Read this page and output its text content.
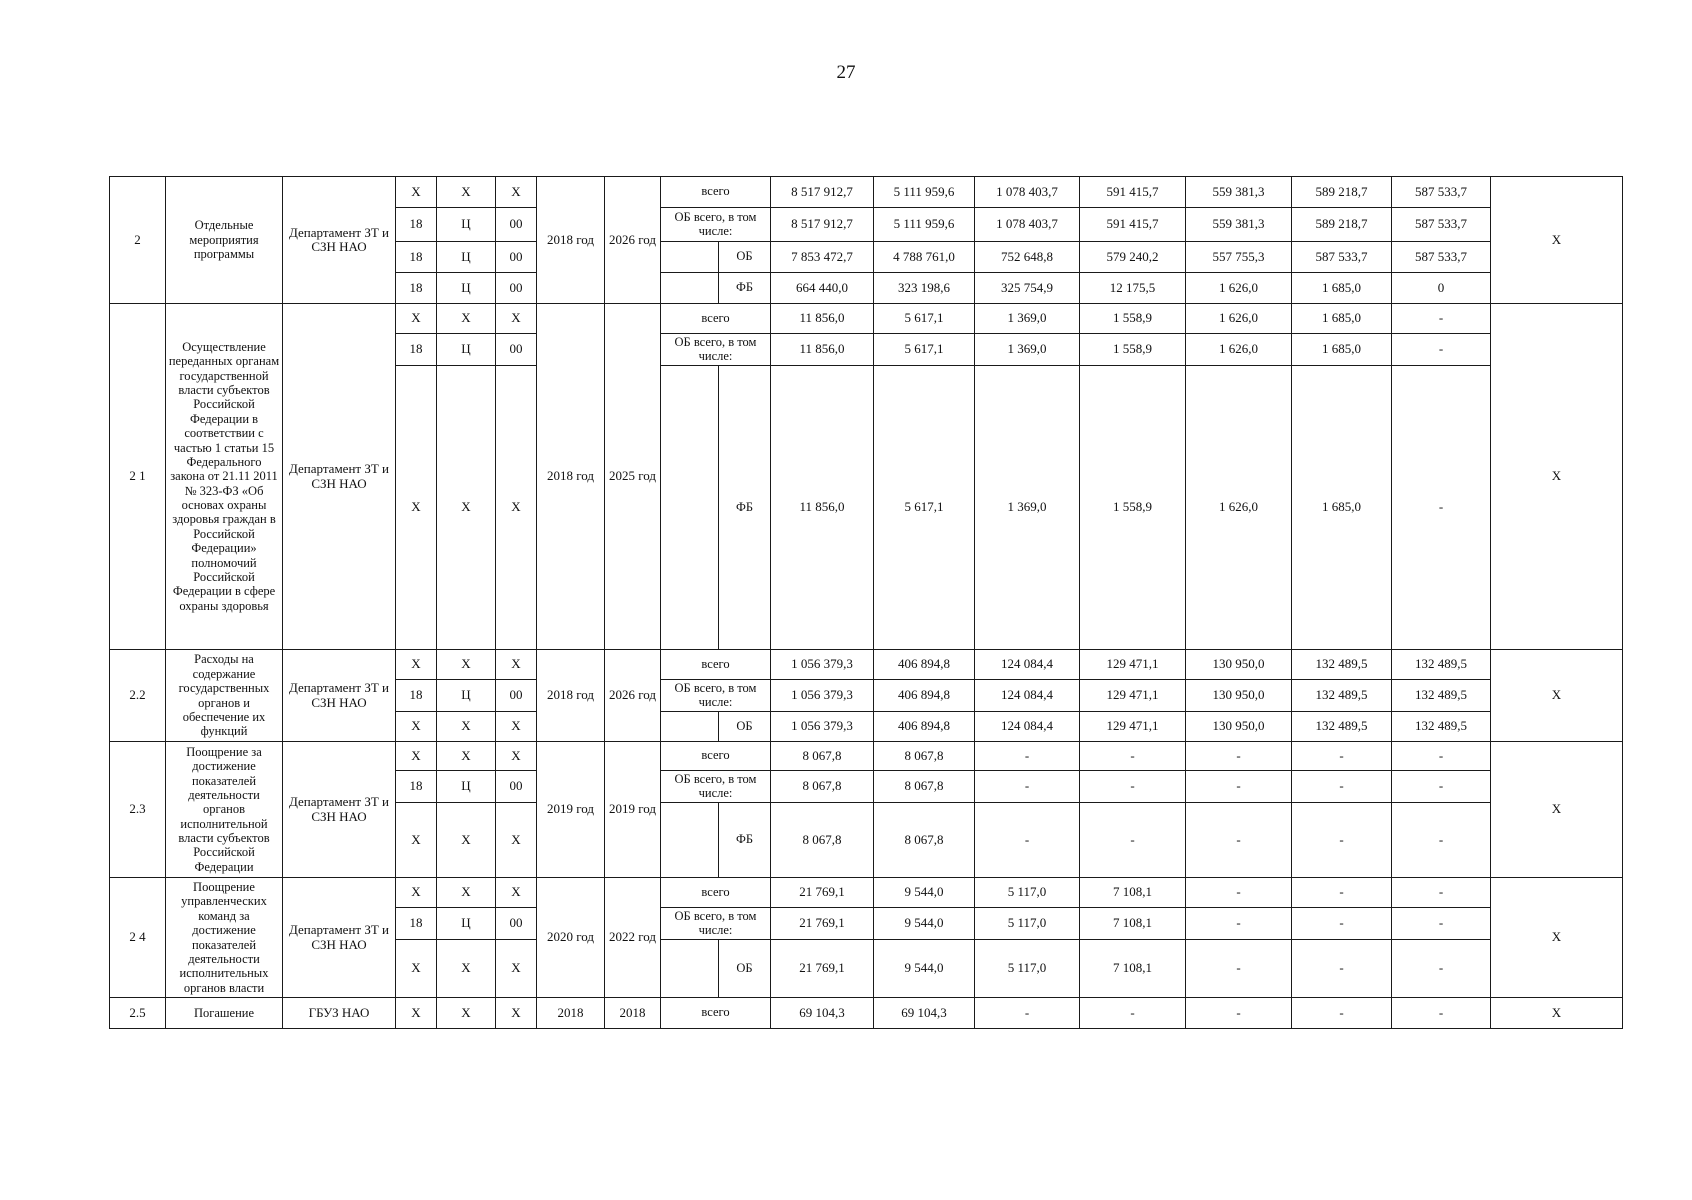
27
2	Отдельные мероприятия программы	Департамент ЗТ и СЗН НАО	Х	Х	Х	2018 год	2026 год	всего		8 517 912,7	5 111 959,6	1 078 403,7	591 415,7	559 381,3	589 218,7	587 533,7	Х
			18	Ц	00			ОБ всего, в том числе:		8 517 912,7	5 111 959,6	1 078 403,7	591 415,7	559 381,3	589 218,7	587 533,7	
			18	Ц	00				ОБ	7 853 472,7	4 788 761,0	752 648,8	579 240,2	557 755,3	587 533,7	587 533,7	
			18	Ц	00				ФБ	664 440,0	323 198,6	325 754,9	12 175,5	1 626,0	1 685,0	0	
2 1	Осуществление переданных органам государственной власти субъектов Российской Федерации в соответствии с частью 1 статьи 15 Федерального закона от 21.11 2011 № 323-ФЗ «Об основах охраны здоровья граждан в Российской Федерации» полномочий Российской Федерации в сфере охраны здоровья	Департамент ЗТ и СЗН НАО	Х	Х	Х	2018 год	2025 год	всего		11 856,0	5 617,1	1 369,0	1 558,9	1 626,0	1 685,0	-	Х
			18	Ц	00			ОБ всего, в том числе:		11 856,0	5 617,1	1 369,0	1 558,9	1 626,0	1 685,0	-	
			Х	Х	Х				ФБ	11 856,0	5 617,1	1 369,0	1 558,9	1 626,0	1 685,0	-	
2.2	Расходы на содержание государственных органов и обеспечение их функций	Департамент ЗТ и СЗН НАО	Х	Х	Х	2018 год	2026 год	всего		1 056 379,3	406 894,8	124 084,4	129 471,1	130 950,0	132 489,5	132 489,5	Х
			18	Ц	00			ОБ всего, в том числе:		1 056 379,3	406 894,8	124 084,4	129 471,1	130 950,0	132 489,5	132 489,5	
			Х	Х	Х				ОБ	1 056 379,3	406 894,8	124 084,4	129 471,1	130 950,0	132 489,5	132 489,5	
2.3	Поощрение за достижение показателей деятельности органов исполнительной власти субъектов Российской Федерации	Департамент ЗТ и СЗН НАО	Х	Х	Х	2019 год	2019 год	всего		8 067,8	8 067,8	-	-	-	-	-	Х
			18	Ц	00			ОБ всего, в том числе:		8 067,8	8 067,8	-	-	-	-	-	
			Х	Х	Х				ФБ	8 067,8	8 067,8	-	-	-	-	-	
2 4	Поощрение управленческих команд за достижение показателей деятельности исполнительных органов власти	Департамент ЗТ и СЗН НАО	Х	Х	Х	2020 год	2022 год	всего		21 769,1	9 544,0	5 117,0	7 108,1	-	-	-	Х
			18	Ц	00			ОБ всего, в том числе:		21 769,1	9 544,0	5 117,0	7 108,1	-	-	-	
			Х	Х	Х				ОБ	21 769,1	9 544,0	5 117,0	7 108,1	-	-	-	
2.5	Погашение	ГБУЗ НАО	Х	Х	Х	2018	2018	всего		69 104,3	69 104,3	-	-	-	-	-	Х
